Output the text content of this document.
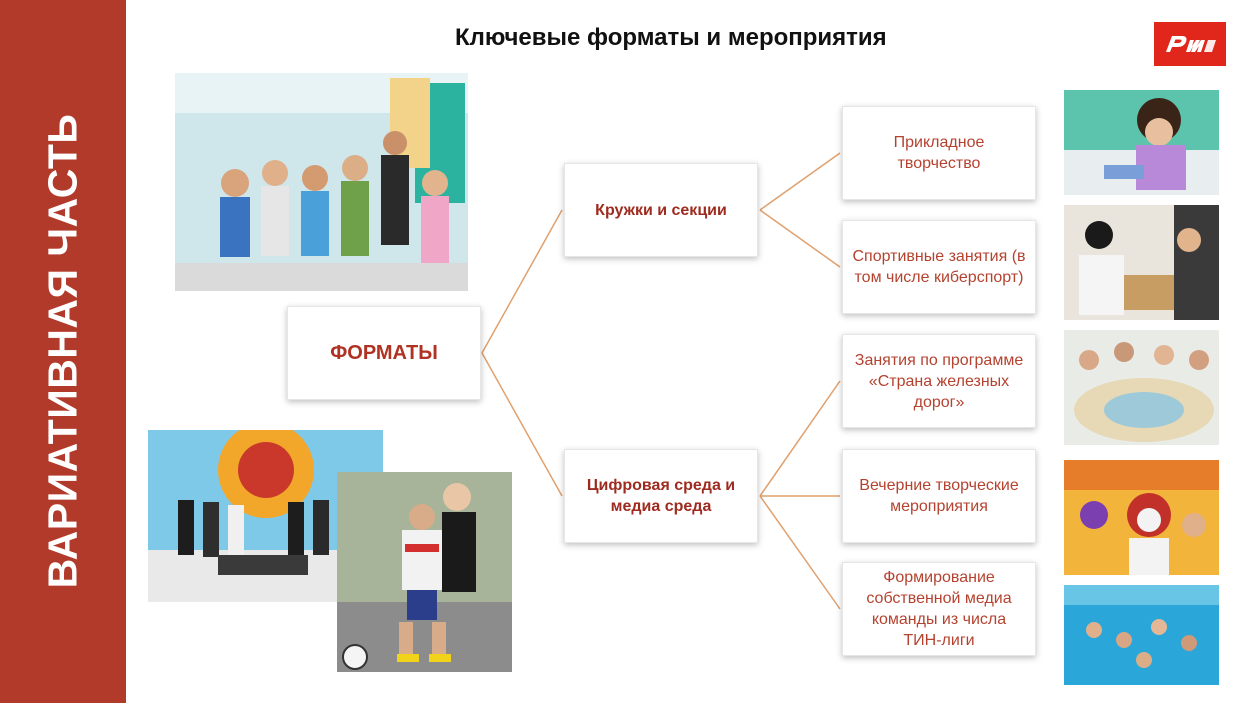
ВАРИАТИВНАЯ ЧАСТЬ
Ключевые форматы и мероприятия
ФОРМАТЫ
Кружки и секции
Цифровая среда и медиа среда
Прикладное творчество
Спортивные занятия (в том числе киберспорт)
Занятия по программе «Страна железных дорог»
Вечерние творческие мероприятия
Формирование собственной медиа команды из числа ТИН-лиги
